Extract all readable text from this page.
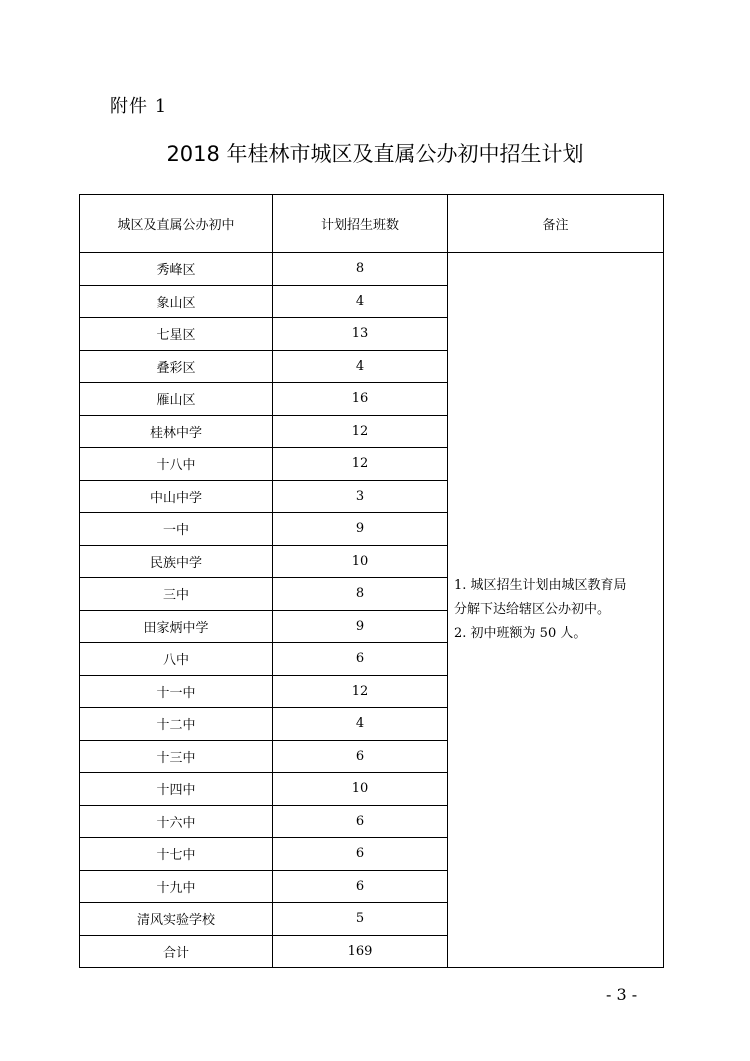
附件 1
2018 年桂林市城区及直属公办初中招生计划
城区及直属公办初中	计划招生班数	备注
秀峰区	8	1. 城区招生计划由城区教育局
分解下达给辖区公办初中。
2. 初中班额为 50 人。

象山区	4	
七星区	13	
叠彩区	4	
雁山区	16	
桂林中学	12	
十八中	12	
中山中学	3	
一中	9	
民族中学	10	
三中	8	
田家炳中学	9	
八中	6	
十一中	12	
十二中	4	
十三中	6	
十四中	10	
十六中	6	
十七中	6	
十九中	6	
清风实验学校	5	
合计	169	
- 3 -
